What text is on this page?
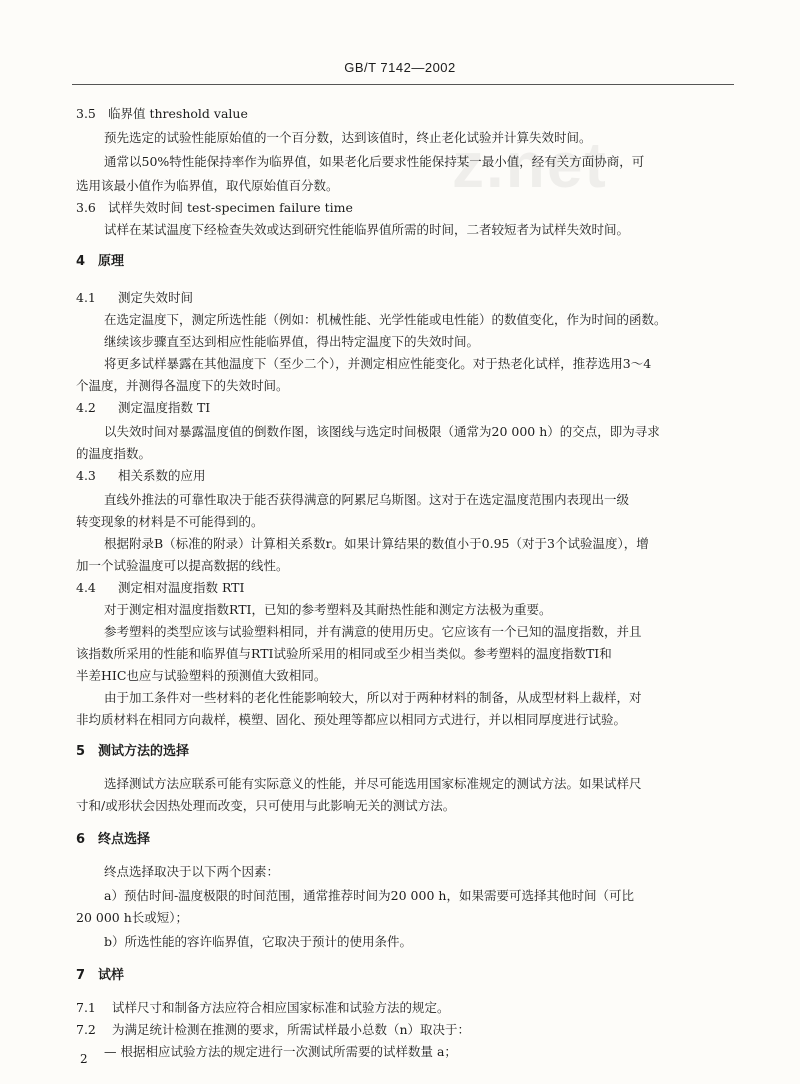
GB/T 7142—2002
z.net
3.5 临界值 threshold value
预先选定的试验性能原始值的一个百分数，达到该值时，终止老化试验并计算失效时间。
通常以50%特性能保持率作为临界值，如果老化后要求性能保持某一最小值，经有关方面协商，可
选用该最小值作为临界值，取代原始值百分数。
3.6 试样失效时间 test-specimen failure time
试样在某试温度下经检查失效或达到研究性能临界值所需的时间，二者较短者为试样失效时间。
4 原理
4.1 测定失效时间
在选定温度下，测定所选性能（例如：机械性能、光学性能或电性能）的数值变化，作为时间的函数。
继续该步骤直至达到相应性能临界值，得出特定温度下的失效时间。
将更多试样暴露在其他温度下（至少二个），并测定相应性能变化。对于热老化试样，推荐选用3～4
个温度，并测得各温度下的失效时间。
4.2 测定温度指数 TI
以失效时间对暴露温度值的倒数作图，该图线与选定时间极限（通常为20 000 h）的交点，即为寻求
的温度指数。
4.3 相关系数的应用
直线外推法的可靠性取决于能否获得满意的阿累尼乌斯图。这对于在选定温度范围内表现出一级
转变现象的材料是不可能得到的。
根据附录B（标准的附录）计算相关系数r。如果计算结果的数值小于0.95（对于3个试验温度），增
加一个试验温度可以提高数据的线性。
4.4 测定相对温度指数 RTI
对于测定相对温度指数RTI，已知的参考塑料及其耐热性能和测定方法极为重要。
参考塑料的类型应该与试验塑料相同，并有满意的使用历史。它应该有一个已知的温度指数，并且
该指数所采用的性能和临界值与RTI试验所采用的相同或至少相当类似。参考塑料的温度指数TI和
半差HIC也应与试验塑料的预测值大致相同。
由于加工条件对一些材料的老化性能影响较大，所以对于两种材料的制备，从成型材料上裁样，对
非均质材料在相同方向裁样，模塑、固化、预处理等都应以相同方式进行，并以相同厚度进行试验。
5 测试方法的选择
选择测试方法应联系可能有实际意义的性能，并尽可能选用国家标准规定的测试方法。如果试样尺
寸和/或形状会因热处理而改变，只可使用与此影响无关的测试方法。
6 终点选择
终点选择取决于以下两个因素：
a）预估时间-温度极限的时间范围，通常推荐时间为20 000 h，如果需要可选择其他时间（可比
20 000 h长或短）；
b）所选性能的容许临界值，它取决于预计的使用条件。
7 试样
7.1 试样尺寸和制备方法应符合相应国家标准和试验方法的规定。
7.2 为满足统计检测在推测的要求，所需试样最小总数（n）取决于：
— 根据相应试验方法的规定进行一次测试所需要的试样数量 a；
2
